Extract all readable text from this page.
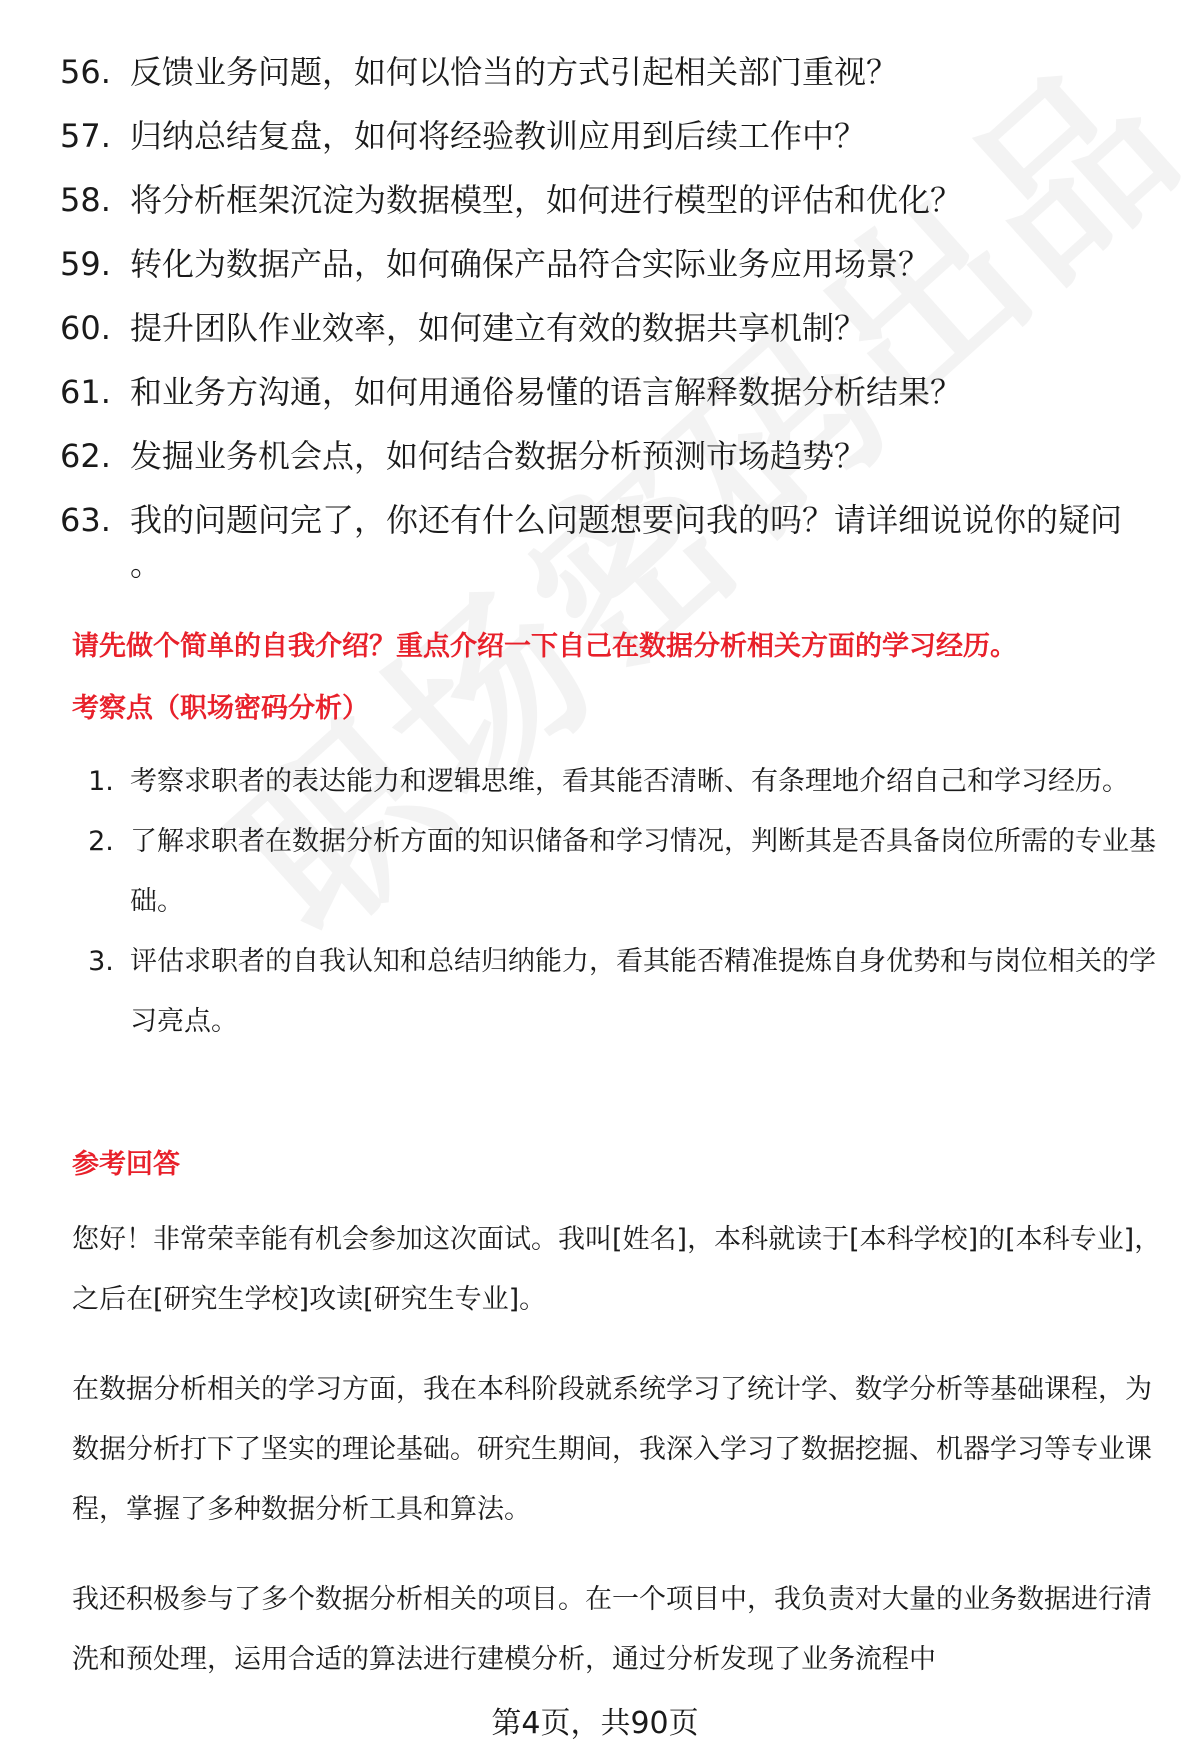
56. 反馈业务问题，如何以恰当的方式引起相关部门重视？
57. 归纳总结复盘，如何将经验教训应用到后续工作中？
58. 将分析框架沉淀为数据模型，如何进行模型的评估和优化？
59. 转化为数据产品，如何确保产品符合实际业务应用场景？
60. 提升团队作业效率，如何建立有效的数据共享机制？
61. 和业务方沟通，如何用通俗易懂的语言解释数据分析结果？
62. 发掘业务机会点，如何结合数据分析预测市场趋势？
63. 我的问题问完了，你还有什么问题想要问我的吗？请详细说说你的疑问 。
请先做个简单的自我介绍？重点介绍一下自己在数据分析相关方面的学习经历。
考察点（职场密码分析）
1. 考察求职者的表达能力和逻辑思维，看其能否清晰、有条理地介绍自己和学习经历。
2. 了解求职者在数据分析方面的知识储备和学习情况，判断其是否具备岗位所需的专业基础。
3. 评估求职者的自我认知和总结归纳能力，看其能否精准提炼自身优势和与岗位相关的学习亮点。
参考回答

您好！非常荣幸能有机会参加这次面试。我叫[姓名]，本科就读于[本科学校]的[本科专业]，之后在[研究生学校]攻读[研究生专业]。

在数据分析相关的学习方面，我在本科阶段就系统学习了统计学、数学分析等基础课程，为数据分析打下了坚实的理论基础。研究生期间，我深入学习了数据挖掘、机器学习等专业课程，掌握了多种数据分析工具和算法。

我还积极参与了多个数据分析相关的项目。在一个项目中，我负责对大量的业务数据进行清洗和预处理，运用合适的算法进行建模分析，通过分析发现了业务流程中

第4页，共90页
